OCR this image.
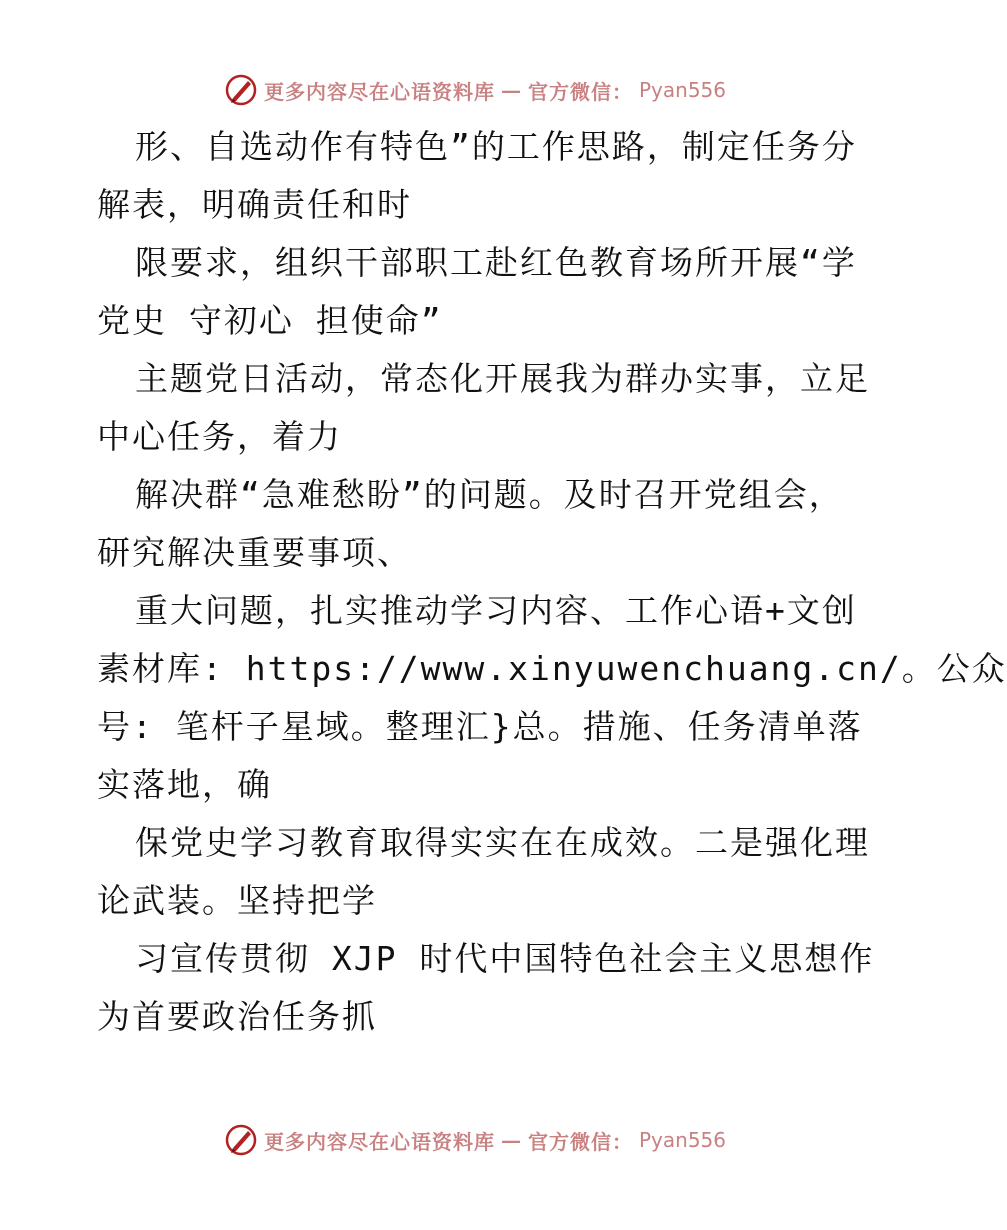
更多内容尽在心语资料库 — 官方微信： Pyan556
形、自选动作有特色”的工作思路，制定任务分
解表，明确责任和时
限要求，组织干部职工赴红色教育场所开展“学
党史 守初心 担使命”
主题党日活动，常态化开展我为群办实事，立足
中心任务，着力
解决群“急难愁盼”的问题。及时召开党组会，
研究解决重要事项、
重大问题，扎实推动学习内容、工作心语+文创
素材库: https://www.xinyuwenchuang.cn/。公众
号: 笔杆子星域。整理汇}总。措施、任务清单落
实落地，确
保党史学习教育取得实实在在成效。二是强化理
论武装。坚持把学
习宣传贯彻 XJP 时代中国特色社会主义思想作
为首要政治任务抓
更多内容尽在心语资料库 — 官方微信： Pyan556
